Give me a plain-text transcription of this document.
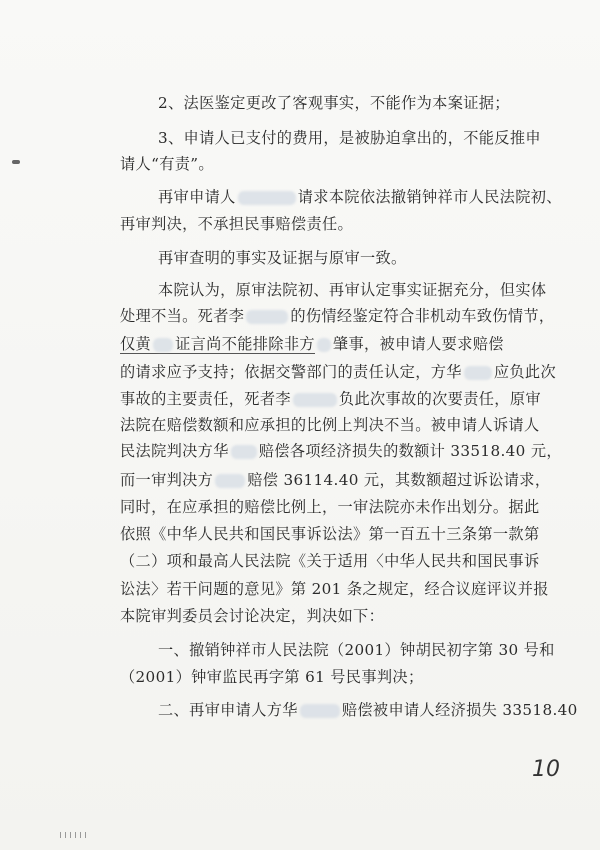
2、法医鉴定更改了客观事实，不能作为本案证据；
3、申请人已支付的费用，是被胁迫拿出的，不能反推申
请人“有责”。
再审申请人	请求本院依法撤销钟祥市人民法院初、
再审判决，不承担民事赔偿责任。
再审查明的事实及证据与原审一致。
本院认为，原审法院初、再审认定事实证据充分，但实体
处理不当。死者李	的伤情经鉴定符合非机动车致伤情节，
仅黄 证言尚不能排除非方 肇事，被申请人要求赔偿
的请求应予支持；依据交警部门的责任认定，方华 应负此次
事故的主要责任，死者李	负此次事故的次要责任，原审
法院在赔偿数额和应承担的比例上判决不当。被申请人诉请人
民法院判决方华 赔偿各项经济损失的数额计 33518.40 元，
而一审判决方 赔偿 36114.40 元，其数额超过诉讼请求，
同时，在应承担的赔偿比例上，一审法院亦未作出划分。据此
依照《中华人民共和国民事诉讼法》第一百五十三条第一款第
（二）项和最高人民法院《关于适用〈中华人民共和国民事诉
讼法〉若干问题的意见》第 201 条之规定，经合议庭评议并报
本院审判委员会讨论决定，判决如下：
一、撤销钟祥市人民法院（2001）钟胡民初字第 30 号和
（2001）钟审监民再字第 61 号民事判决；
二、再审申请人方华	赔偿被申请人经济损失 33518.40
10
